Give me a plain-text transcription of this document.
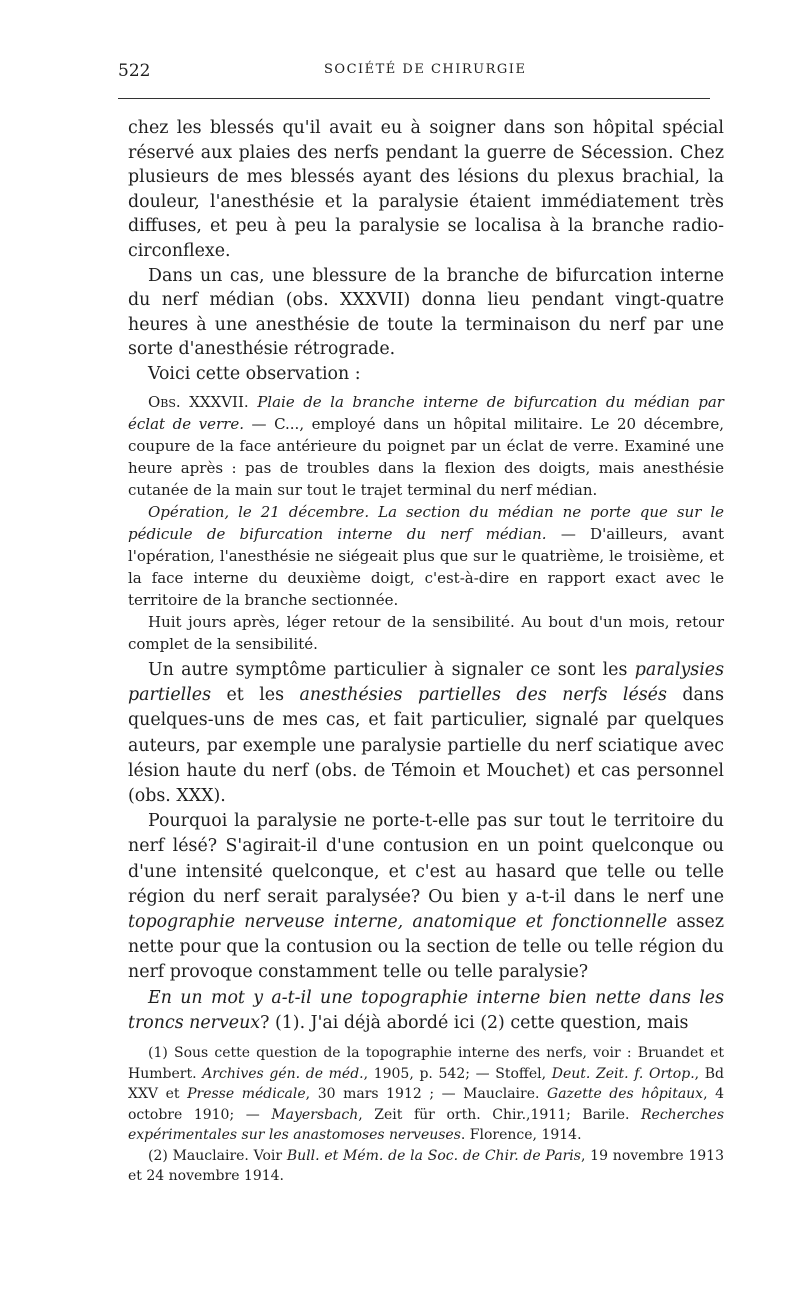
522	SOCIÉTÉ DE CHIRURGIE

chez les blessés qu'il avait eu à soigner dans son hôpital spécial réservé aux plaies des nerfs pendant la guerre de Sécession. Chez plusieurs de mes blessés ayant des lésions du plexus brachial, la douleur, l'anesthésie et la paralysie étaient immédiatement très diffuses, et peu à peu la paralysie se localisa à la branche radio-circonflexe.

Dans un cas, une blessure de la branche de bifurcation interne du nerf médian (obs. XXXVII) donna lieu pendant vingt-quatre heures à une anesthésie de toute la terminaison du nerf par une sorte d'anesthésie rétrograde.

Voici cette observation :

Obs. XXXVII. Plaie de la branche interne de bifurcation du médian par éclat de verre. — C..., employé dans un hôpital militaire. Le 20 décembre, coupure de la face antérieure du poignet par un éclat de verre. Examiné une heure après : pas de troubles dans la flexion des doigts, mais anesthésie cutanée de la main sur tout le trajet terminal du nerf médian.

Opération, le 21 décembre. La section du médian ne porte que sur le pédicule de bifurcation interne du nerf médian. — D'ailleurs, avant l'opération, l'anesthésie ne siégeait plus que sur le quatrième, le troisième, et la face interne du deuxième doigt, c'est-à-dire en rapport exact avec le territoire de la branche sectionnée.

Huit jours après, léger retour de la sensibilité. Au bout d'un mois, retour complet de la sensibilité.

Un autre symptôme particulier à signaler ce sont les paralysies partielles et les anesthésies partielles des nerfs lésés dans quelques-uns de mes cas, et fait particulier, signalé par quelques auteurs, par exemple une paralysie partielle du nerf sciatique avec lésion haute du nerf (obs. de Témoin et Mouchet) et cas personnel (obs. XXX).

Pourquoi la paralysie ne porte-t-elle pas sur tout le territoire du nerf lésé? S'agirait-il d'une contusion en un point quelconque ou d'une intensité quelconque, et c'est au hasard que telle ou telle région du nerf serait paralysée? Ou bien y a-t-il dans le nerf une topographie nerveuse interne, anatomique et fonctionnelle assez nette pour que la contusion ou la section de telle ou telle région du nerf provoque constamment telle ou telle paralysie?

En un mot y a-t-il une topographie interne bien nette dans les troncs nerveux? (1). J'ai déjà abordé ici (2) cette question, mais

(1) Sous cette question de la topographie interne des nerfs, voir : Bruandet et Humbert. Archives gén. de méd., 1905, p. 542; — Stoffel, Deut. Zeit. f. Ortop., Bd XXV et Presse médicale, 30 mars 1912 ; — Mauclaire. Gazette des hôpitaux, 4 octobre 1910; — Mayersbach, Zeit für orth. Chir.,1911; Barile. Recherches expérimentales sur les anastomoses nerveuses. Florence, 1914.

(2) Mauclaire. Voir Bull. et Mém. de la Soc. de Chir. de Paris, 19 novembre 1913 et 24 novembre 1914.
